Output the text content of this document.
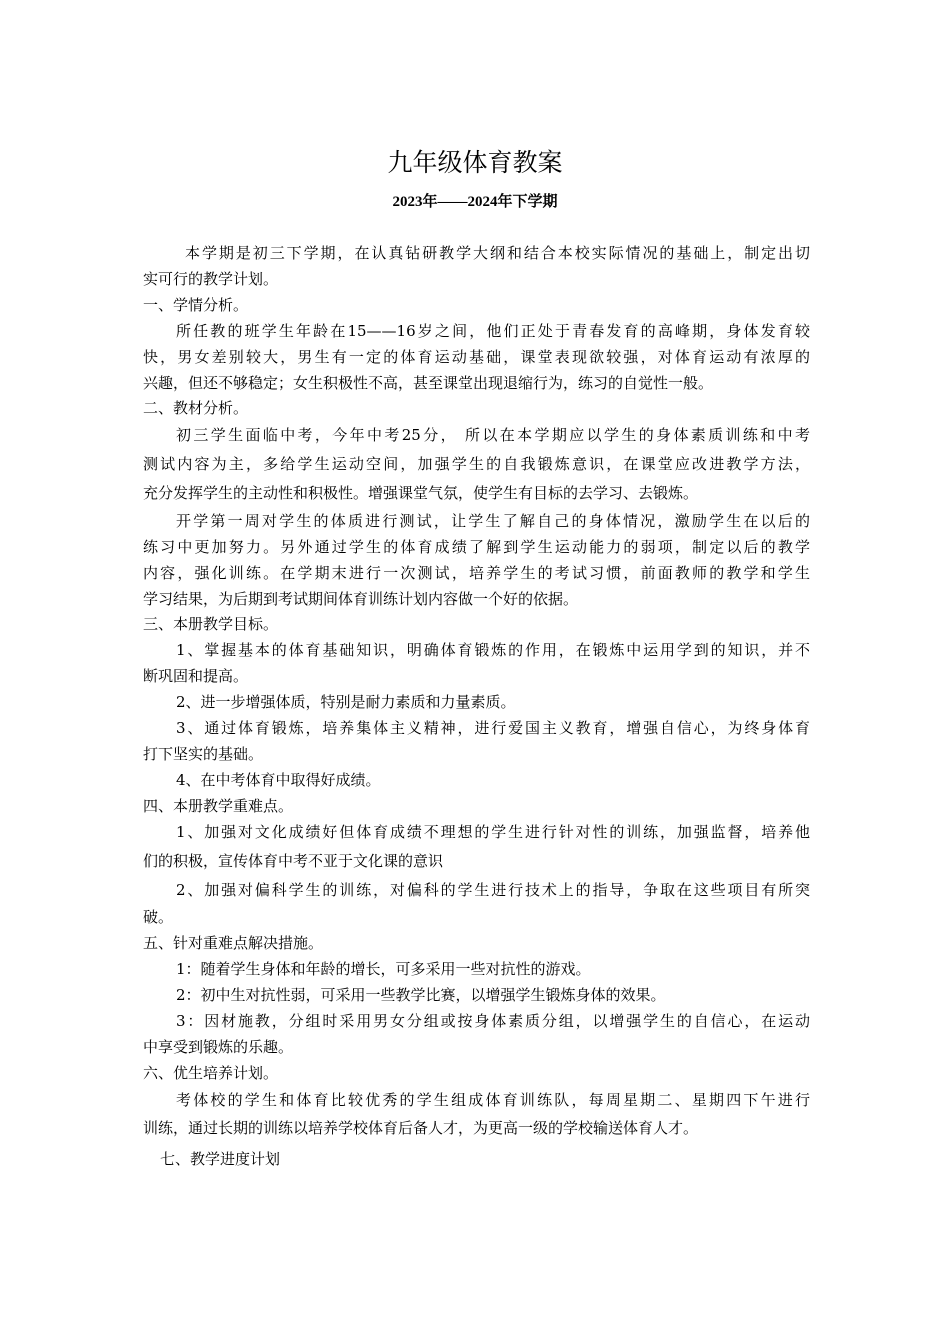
九年级体育教案
2023年——2024年下学期
本学期是初三下学期，在认真钻研教学大纲和结合本校实际情况的基础上，制定出切
实可行的教学计划。
一、学情分析。
所任教的班学生年龄在15——16岁之间，他们正处于青春发育的高峰期，身体发育较
快，男女差别较大，男生有一定的体育运动基础，课堂表现欲较强，对体育运动有浓厚的
兴趣，但还不够稳定；女生积极性不高，甚至课堂出现退缩行为，练习的自觉性一般。
二、教材分析。
初三学生面临中考，今年中考25分， 所以在本学期应以学生的身体素质训练和中考
测试内容为主，多给学生运动空间，加强学生的自我锻炼意识，在课堂应改进教学方法，
充分发挥学生的主动性和积极性。增强课堂气氛，使学生有目标的去学习、去锻炼。
开学第一周对学生的体质进行测试，让学生了解自己的身体情况，激励学生在以后的
练习中更加努力。另外通过学生的体育成绩了解到学生运动能力的弱项，制定以后的教学
内容，强化训练。在学期末进行一次测试，培养学生的考试习惯，前面教师的教学和学生
学习结果，为后期到考试期间体育训练计划内容做一个好的依据。
三、本册教学目标。
1、掌握基本的体育基础知识，明确体育锻炼的作用，在锻炼中运用学到的知识，并不
断巩固和提高。
2、进一步增强体质，特别是耐力素质和力量素质。
3、通过体育锻炼，培养集体主义精神，进行爱国主义教育，增强自信心，为终身体育
打下坚实的基础。
4、在中考体育中取得好成绩。
四、本册教学重难点。
1、加强对文化成绩好但体育成绩不理想的学生进行针对性的训练，加强监督，培养他
们的积极，宣传体育中考不亚于文化课的意识
2、加强对偏科学生的训练，对偏科的学生进行技术上的指导，争取在这些项目有所突
破。
五、针对重难点解决措施。
1：随着学生身体和年龄的增长，可多采用一些对抗性的游戏。
2：初中生对抗性弱，可采用一些教学比赛，以增强学生锻炼身体的效果。
3：因材施教，分组时采用男女分组或按身体素质分组，以增强学生的自信心，在运动
中享受到锻炼的乐趣。
六、优生培养计划。
考体校的学生和体育比较优秀的学生组成体育训练队，每周星期二、星期四下午进行
训练，通过长期的训练以培养学校体育后备人才，为更高一级的学校输送体育人才。
七、教学进度计划
